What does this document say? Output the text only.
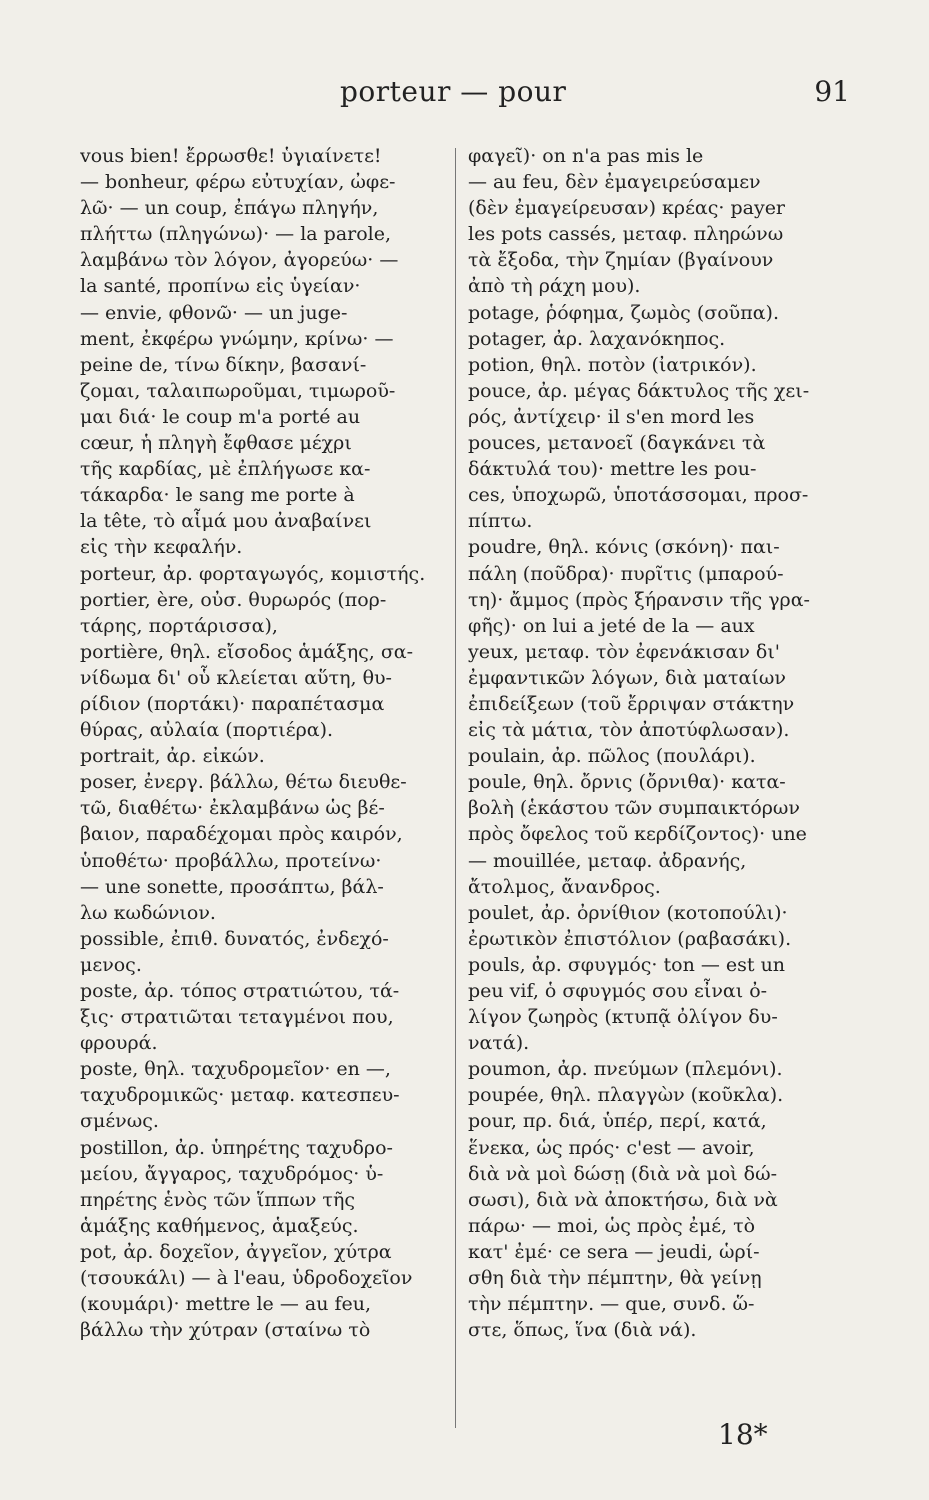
porteur — pour	91
vous bien! ἔρρωσθε! ὑγιαίνετε!
— bonheur, φέρω εὐτυχίαν, ὠφε-
λῶ· — un coup, ἐπάγω πληγήν,
πλήττω (πληγώνω)· — la parole,
λαμβάνω τὸν λόγον, ἀγορεύω· —
la santé, προπίνω εἰς ὑγείαν·
— envie, φθονῶ· — un juge-
ment, ἐκφέρω γνώμην, κρίνω· —
peine de, τίνω δίκην, βασανί-
ζομαι, ταλαιπωροῦμαι, τιμωροῦ-
μαι διά· le coup m'a porté au
cœur, ἡ πληγὴ ἔφθασε μέχρι
τῆς καρδίας, μὲ ἐπλήγωσε κα-
τάκαρδα· le sang me porte à
la tête, τὸ αἷμά μου ἀναβαίνει
εἰς τὴν κεφαλήν.
porteur, ἀρ. φορταγωγός, κομιστής.
portier, ère, οὐσ. θυρωρός (πορ-
τάρης, πορτάρισσα),
portière, θηλ. εἴσοδος ἁμάξης, σα-
νίδωμα δι' οὗ κλείεται αὕτη, θυ-
ρίδιον (πορτάκι)· παραπέτασμα
θύρας, αὐλαία (πορτιέρα).
portrait, ἀρ. εἰκών.
poser, ἐνεργ. βάλλω, θέτω διευθε-
τῶ, διαθέτω· ἐκλαμβάνω ὡς βέ-
βαιον, παραδέχομαι πρὸς καιρόν,
ὑποθέτω· προβάλλω, προτείνω·
— une sonette, προσάπτω, βάλ-
λω κωδώνιον.
possible, ἐπιθ. δυνατός, ἐνδεχό-
μενος.
poste, ἀρ. τόπος στρατιώτου, τά-
ξις· στρατιῶται τεταγμένοι που,
φρουρά.
poste, θηλ. ταχυδρομεῖον· en —,
ταχυδρομικῶς· μεταφ. κατεσπευ-
σμένως.
postillon, ἀρ. ὑπηρέτης ταχυδρο-
μείου, ἄγγαρος, ταχυδρόμος· ὑ-
πηρέτης ἑνὸς τῶν ἵππων τῆς
ἁμάξης καθήμενος, ἁμαξεύς.
pot, ἀρ. δοχεῖον, ἀγγεῖον, χύτρα
(τσουκάλι) — à l'eau, ὑδροδοχεῖον
(κουμάρι)· mettre le — au feu,
βάλλω τὴν χύτραν (σταίνω τὸ
φαγεῖ)· on n'a pas mis le
— au feu, δὲν ἐμαγειρεύσαμεν
(δὲν ἐμαγείρευσαν) κρέας· payer
les pots cassés, μεταφ. πληρώνω
τὰ ἔξοδα, τὴν ζημίαν (βγαίνουν
ἀπὸ τὴ ράχη μου).
potage, ῥόφημα, ζωμὸς (σοῦπα).
potager, ἀρ. λαχανόκηπος.
potion, θηλ. ποτὸν (ἰατρικόν).
pouce, ἀρ. μέγας δάκτυλος τῆς χει-
ρός, ἀντίχειρ· il s'en mord les
pouces, μετανοεῖ (δαγκάνει τὰ
δάκτυλά του)· mettre les pou-
ces, ὑποχωρῶ, ὑποτάσσομαι, προσ-
πίπτω.
poudre, θηλ. κόνις (σκόνη)· παι-
πάλη (ποῦδρα)· πυρῖτις (μπαρού-
τη)· ἄμμος (πρὸς ξήρανσιν τῆς γρα-
φῆς)· on lui a jeté de la — aux
yeux, μεταφ. τὸν ἐφενάκισαν δι'
ἐμφαντικῶν λόγων, διὰ ματαίων
ἐπιδείξεων (τοῦ ἔρριψαν στάκτην
εἰς τὰ μάτια, τὸν ἀποτύφλωσαν).
poulain, ἀρ. πῶλος (πουλάρι).
poule, θηλ. ὄρνις (ὄρνιθα)· κατα-
βολὴ (ἑκάστου τῶν συμπαικτόρων
πρὸς ὄφελος τοῦ κερδίζοντος)· une
— mouillée, μεταφ. ἀδρανής,
ἄτολμος, ἄνανδρος.
poulet, ἀρ. ὀρνίθιον (κοτοπούλι)·
ἐρωτικὸν ἐπιστόλιον (ραβασάκι).
pouls, ἀρ. σφυγμός· ton — est un
peu vif, ὁ σφυγμός σου εἶναι ὀ-
λίγον ζωηρὸς (κτυπᾷ ὀλίγον δυ-
νατά).
poumon, ἀρ. πνεύμων (πλεμόνι).
poupée, θηλ. πλαγγὼν (κοῦκλα).
pour, πρ. διά, ὑπέρ, περί, κατά,
ἕνεκα, ὡς πρός· c'est — avoir,
διὰ νὰ μοὶ δώσῃ (διὰ νὰ μοὶ δώ-
σωσι), διὰ νὰ ἀποκτήσω, διὰ νὰ
πάρω· — moi, ὡς πρὸς ἐμέ, τὸ
κατ' ἐμέ· ce sera — jeudi, ὡρί-
σθη διὰ τὴν πέμπτην, θὰ γείνῃ
τὴν πέμπτην. — que, συνδ. ὥ-
στε, ὅπως, ἵνα (διὰ νά).
18*
